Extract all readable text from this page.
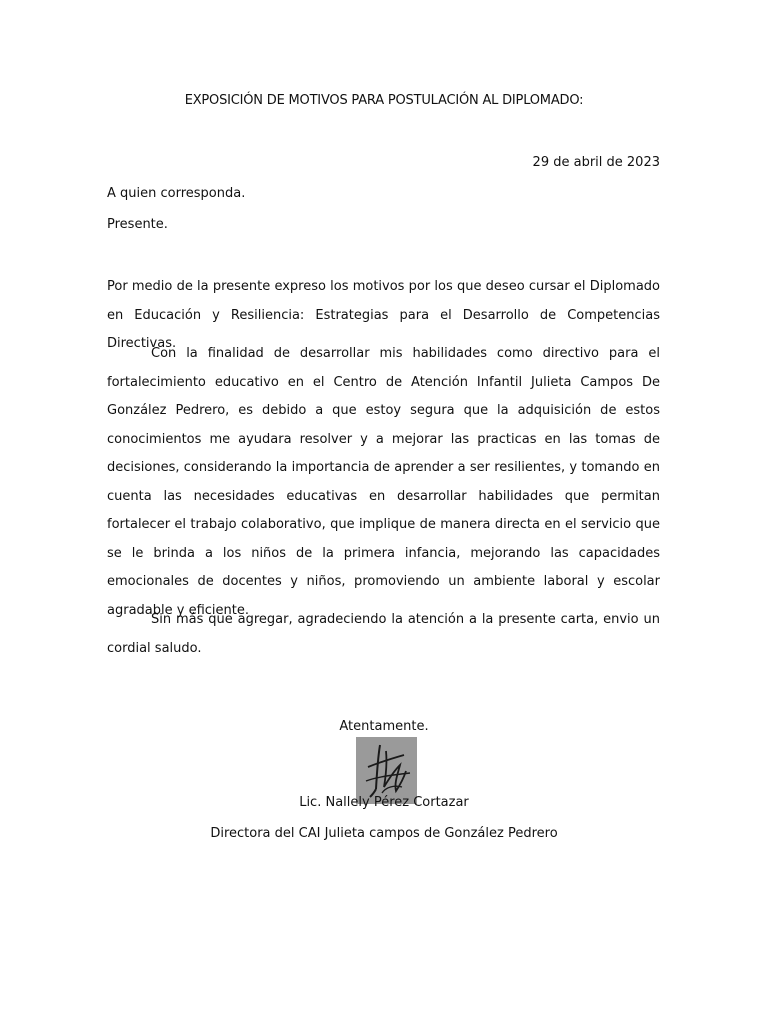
EXPOSICIÓN DE MOTIVOS PARA POSTULACIÓN AL DIPLOMADO:
29 de abril de 2023
A quien corresponda.
Presente.

Por medio de la presente expreso los motivos por los que deseo cursar el Diplomado en Educación y Resiliencia: Estrategias para el Desarrollo de Competencias Directivas.

Con la finalidad de desarrollar mis habilidades como directivo para el fortalecimiento educativo en el Centro de Atención Infantil Julieta Campos De González Pedrero, es debido a que estoy segura que la adquisición de estos conocimientos me ayudara resolver y a mejorar las practicas en las tomas de decisiones, considerando la importancia de aprender a ser resilientes, y tomando en cuenta las necesidades educativas en desarrollar habilidades que permitan fortalecer el trabajo colaborativo, que implique de manera directa en el servicio que se le brinda a los niños de la primera infancia, mejorando las capacidades emocionales de docentes y niños, promoviendo un ambiente laboral y escolar agradable y eficiente.

Sin más que agregar, agradeciendo la atención a la presente carta, envio un cordial saludo.

Atentamente.
Lic. Nallely Pérez Cortazar
Directora del CAI Julieta campos de González Pedrero
